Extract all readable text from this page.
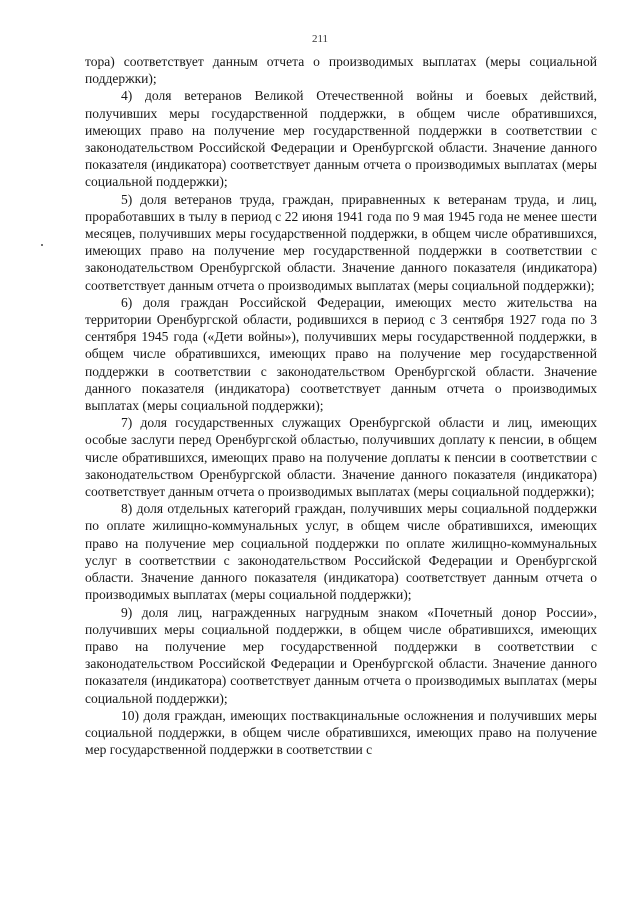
211

тора) соответствует данным отчета о производимых выплатах (меры социальной поддержки);

4) доля ветеранов Великой Отечественной войны и боевых действий, получивших меры государственной поддержки, в общем числе обратившихся, имеющих право на получение мер государственной поддержки в соответствии с законодательством Российской Федерации и Оренбургской области. Значение данного показателя (индикатора) соответствует данным отчета о производимых выплатах (меры социальной поддержки);

5) доля ветеранов труда, граждан, приравненных к ветеранам труда, и лиц, проработавших в тылу в период с 22 июня 1941 года по 9 мая 1945 года не менее шести месяцев, получивших меры государственной поддержки, в общем числе обратившихся, имеющих право на получение мер государственной поддержки в соответствии с законодательством Оренбургской области. Значение данного показателя (индикатора) соответствует данным отчета о производимых выплатах (меры социальной поддержки);

6) доля граждан Российской Федерации, имеющих место жительства на территории Оренбургской области, родившихся в период с 3 сентября 1927 года по 3 сентября 1945 года («Дети войны»), получивших меры государственной поддержки, в общем числе обратившихся, имеющих право на получение мер государственной поддержки в соответствии с законодательством Оренбургской области. Значение данного показателя (индикатора) соответствует данным отчета о производимых выплатах (меры социальной поддержки);

7) доля государственных служащих Оренбургской области и лиц, имеющих особые заслуги перед Оренбургской областью, получивших доплату к пенсии, в общем числе обратившихся, имеющих право на получение доплаты к пенсии в соответствии с законодательством Оренбургской области. Значение данного показателя (индикатора) соответствует данным отчета о производимых выплатах (меры социальной поддержки);

8) доля отдельных категорий граждан, получивших меры социальной поддержки по оплате жилищно-коммунальных услуг, в общем числе обратившихся, имеющих право на получение мер социальной поддержки по оплате жилищно-коммунальных услуг в соответствии с законодательством Российской Федерации и Оренбургской области. Значение данного показателя (индикатора) соответствует данным отчета о производимых выплатах (меры социальной поддержки);

9) доля лиц, награжденных нагрудным знаком «Почетный донор России», получивших меры социальной поддержки, в общем числе обратившихся, имеющих право на получение мер государственной поддержки в соответствии с законодательством Российской Федерации и Оренбургской области. Значение данного показателя (индикатора) соответствует данным отчета о производимых выплатах (меры социальной поддержки);

10) доля граждан, имеющих поствакцинальные осложнения и получивших меры социальной поддержки, в общем числе обратившихся, имеющих право на получение мер государственной поддержки в соответствии с
